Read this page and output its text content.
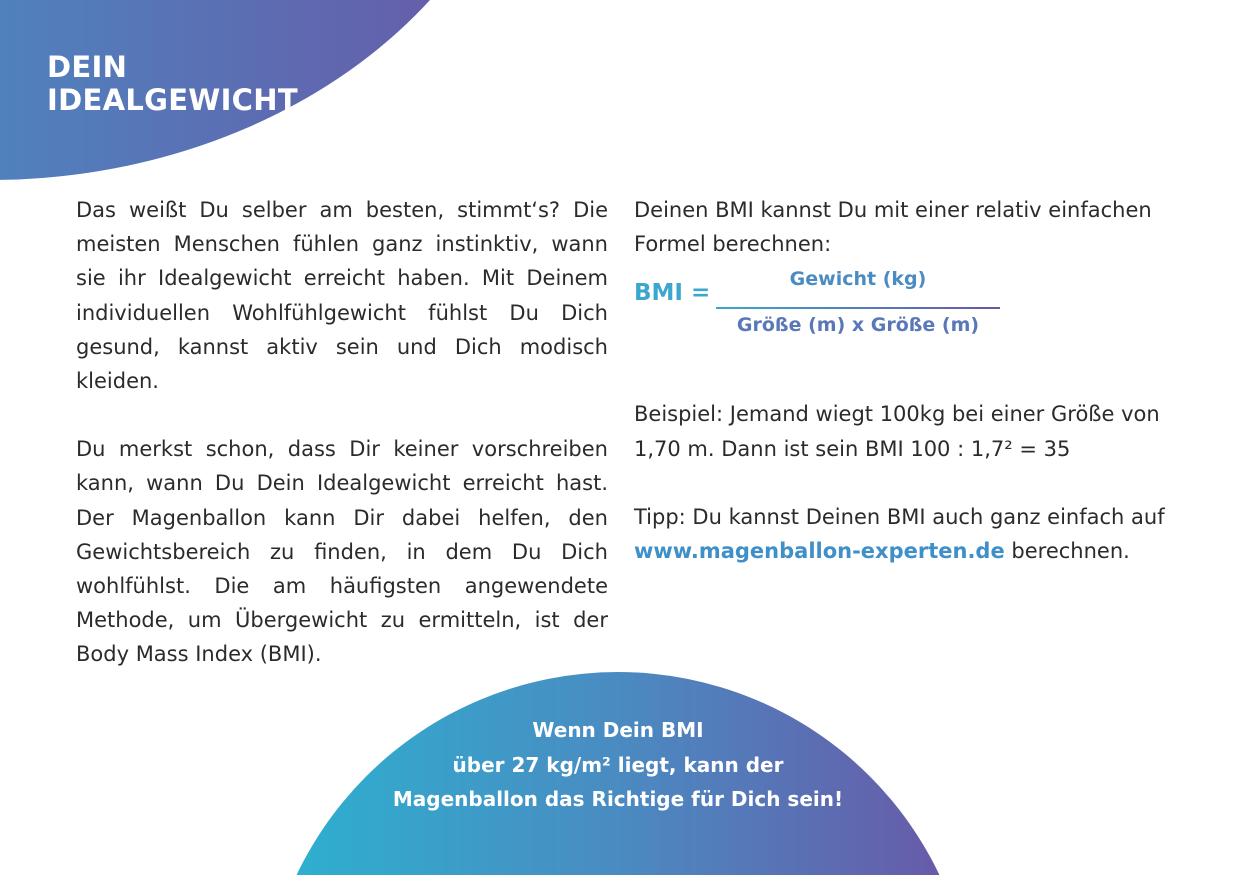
DEIN
IDEALGEWICHT

Das weißt Du selber am besten, stimmt‘s? Die meisten Menschen fühlen ganz instinktiv, wann sie ihr Idealgewicht erreicht haben. Mit Deinem individuellen Wohlfühlgewicht fühlst Du Dich gesund, kannst aktiv sein und Dich modisch kleiden.

Du merkst schon, dass Dir keiner vorschreiben kann, wann Du Dein Idealgewicht erreicht hast. Der Magenballon kann Dir dabei helfen, den Gewichtsbereich zu finden, in dem Du Dich wohlfühlst. Die am häufigsten angewendete Methode, um Übergewicht zu ermitteln, ist der Body Mass Index (BMI).

Deinen BMI kannst Du mit einer relativ einfachen Formel berechnen:

BMI =
Gewicht (kg)
Größe (m) x Größe (m)

Beispiel: Jemand wiegt 100kg bei einer Größe von 1,70 m. Dann ist sein BMI 100 : 1,7² = 35

Tipp: Du kannst Deinen BMI auch ganz einfach auf www.magenballon-experten.de berechnen.

Wenn Dein BMI
über 27 kg/m² liegt, kann der
Magenballon das Richtige für Dich sein!
